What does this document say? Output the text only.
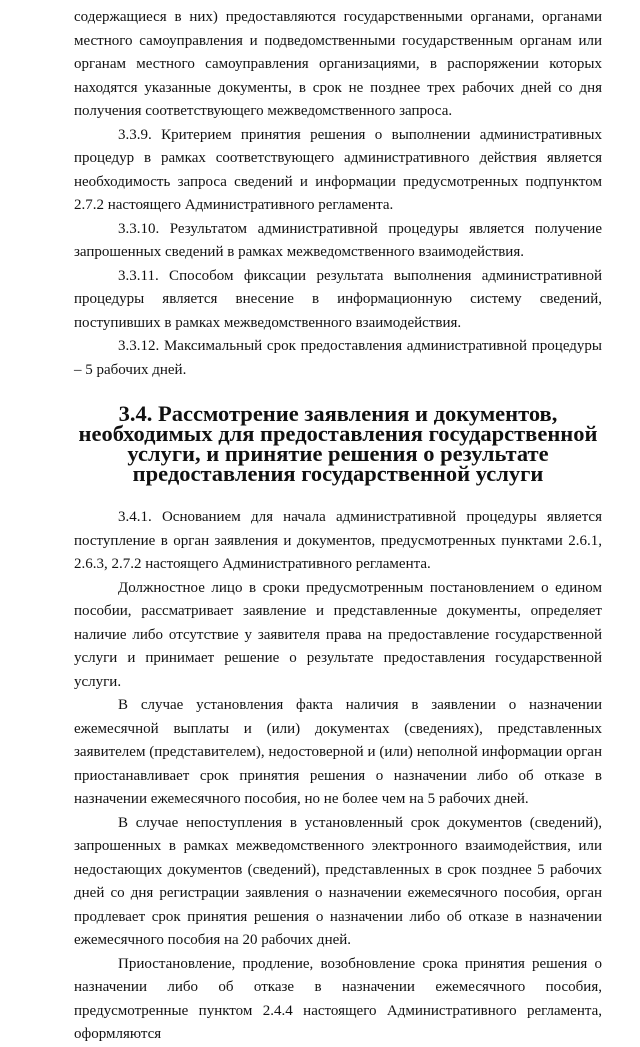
содержащиеся в них) предоставляются государственными органами, органами местного самоуправления и подведомственными государственным органам или органам местного самоуправления организациями, в распоряжении которых находятся указанные документы, в срок не позднее трех рабочих дней со дня получения соответствующего межведомственного запроса.

3.3.9. Критерием принятия решения о выполнении административных процедур в рамках соответствующего административного действия является необходимость запроса сведений и информации предусмотренных подпунктом 2.7.2 настоящего Административного регламента.

3.3.10. Результатом административной процедуры является получение запрошенных сведений в рамках межведомственного взаимодействия.

3.3.11. Способом фиксации результата выполнения административной процедуры является внесение в информационную систему сведений, поступивших в рамках межведомственного взаимодействия.

3.3.12. Максимальный срок предоставления административной процедуры – 5 рабочих дней.

3.4. Рассмотрение заявления и документов, необходимых для предоставления государственной услуги, и принятие решения о результате предоставления государственной услуги

3.4.1. Основанием для начала административной процедуры является поступление в орган заявления и документов, предусмотренных пунктами 2.6.1, 2.6.3, 2.7.2 настоящего Административного регламента.

Должностное лицо в сроки предусмотренным постановлением о едином пособии, рассматривает заявление и представленные документы, определяет наличие либо отсутствие у заявителя права на предоставление государственной услуги и принимает решение о результате предоставления государственной услуги.

В случае установления факта наличия в заявлении о назначении ежемесячной выплаты и (или) документах (сведениях), представленных заявителем (представителем), недостоверной и (или) неполной информации орган приостанавливает срок принятия решения о назначении либо об отказе в назначении ежемесячного пособия, но не более чем на 5 рабочих дней.

В случае непоступления в установленный срок документов (сведений), запрошенных в рамках межведомственного электронного взаимодействия, или недостающих документов (сведений), представленных в срок позднее 5 рабочих дней со дня регистрации заявления о назначении ежемесячного пособия, орган продлевает срок принятия решения о назначении либо об отказе в назначении ежемесячного пособия на 20 рабочих дней.

Приостановление, продление, возобновление срока принятия решения о назначении либо об отказе в назначении ежемесячного пособия, предусмотренные пунктом 2.4.4 настоящего Административного регламента, оформляются
